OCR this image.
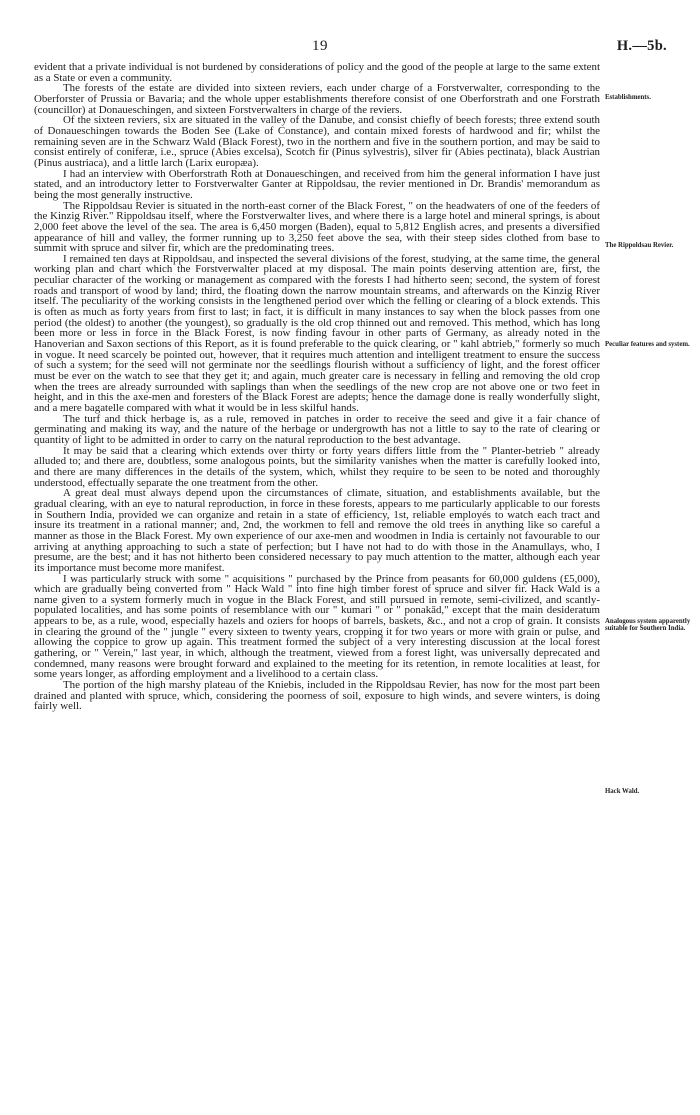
19	H.—5b.

evident that a private individual is not burdened by considerations of policy and the good of the people at large to the same extent as a State or even a community.

The forests of the estate are divided into sixteen reviers, each under charge of a Forstverwalter, corresponding to the Oberforster of Prussia or Bavaria; and the whole upper establishments therefore consist of one Oberforstrath and one Forstrath (councillor) at Donaueschingen, and sixteen Forstverwalters in charge of the reviers.

Of the sixteen reviers, six are situated in the valley of the Danube, and consist chiefly of beech forests; three extend south of Donaueschingen towards the Boden See (Lake of Constance), and contain mixed forests of hardwood and fir; whilst the remaining seven are in the Schwarz Wald (Black Forest), two in the northern and five in the southern portion, and may be said to consist entirely of coniferæ, i.e., spruce (Abies excelsa), Scotch fir (Pinus sylvestris), silver fir (Abies pectinata), black Austrian (Pinus austriaca), and a little larch (Larix europæa).

I had an interview with Oberforstrath Roth at Donaueschingen, and received from him the general information I have just stated, and an introductory letter to Forstverwalter Ganter at Rippoldsau, the revier mentioned in Dr. Brandis' memorandum as being the most generally instructive.

The Rippoldsau Revier is situated in the north-east corner of the Black Forest, " on the headwaters of one of the feeders of the Kinzig River." Rippoldsau itself, where the Forstverwalter lives, and where there is a large hotel and mineral springs, is about 2,000 feet above the level of the sea. The area is 6,450 morgen (Baden), equal to 5,812 English acres, and presents a diversified appearance of hill and valley, the former running up to 3,250 feet above the sea, with their steep sides clothed from base to summit with spruce and silver fir, which are the predominating trees.

I remained ten days at Rippoldsau, and inspected the several divisions of the forest, studying, at the same time, the general working plan and chart which the Forstverwalter placed at my disposal. The main points deserving attention are, first, the peculiar character of the working or management as compared with the forests I had hitherto seen; second, the system of forest roads and transport of wood by land; third, the floating down the narrow mountain streams, and afterwards on the Kinzig River itself. The peculiarity of the working consists in the lengthened period over which the felling or clearing of a block extends. This is often as much as forty years from first to last; in fact, it is difficult in many instances to say when the block passes from one period (the oldest) to another (the youngest), so gradually is the old crop thinned out and removed. This method, which has long been more or less in force in the Black Forest, is now finding favour in other parts of Germany, as already noted in the Hanoverian and Saxon sections of this Report, as it is found preferable to the quick clearing, or " kahl abtrieb," formerly so much in vogue. It need scarcely be pointed out, however, that it requires much attention and intelligent treatment to ensure the success of such a system; for the seed will not germinate nor the seedlings flourish without a sufficiency of light, and the forest officer must be ever on the watch to see that they get it; and again, much greater care is necessary in felling and removing the old crop when the trees are already surrounded with saplings than when the seedlings of the new crop are not above one or two feet in height, and in this the axe-men and foresters of the Black Forest are adepts; hence the damage done is really wonderfully slight, and a mere bagatelle compared with what it would be in less skilful hands.

The turf and thick herbage is, as a rule, removed in patches in order to receive the seed and give it a fair chance of germinating and making its way, and the nature of the herbage or undergrowth has not a little to say to the rate of clearing or quantity of light to be admitted in order to carry on the natural reproduction to the best advantage.

It may be said that a clearing which extends over thirty or forty years differs little from the " Planter-betrieb " already alluded to; and there are, doubtless, some analogous points, but the similarity vanishes when the matter is carefully looked into, and there are many differences in the details of the system, which, whilst they require to be seen to be noted and thoroughly understood, effectually separate the one treatment from the other.

A great deal must always depend upon the circumstances of climate, situation, and establishments available, but the gradual clearing, with an eye to natural reproduction, in force in these forests, appears to me particularly applicable to our forests in Southern India, provided we can organize and retain in a state of efficiency, 1st, reliable employés to watch each tract and insure its treatment in a rational manner; and, 2nd, the workmen to fell and remove the old trees in anything like so careful a manner as those in the Black Forest. My own experience of our axe-men and woodmen in India is certainly not favourable to our arriving at anything approaching to such a state of perfection; but I have not had to do with those in the Anamullays, who, I presume, are the best; and it has not hitherto been considered necessary to pay much attention to the matter, although each year its importance must become more manifest.

I was particularly struck with some " acquisitions " purchased by the Prince from peasants for 60,000 guldens (£5,000), which are gradually being converted from " Hack Wald " into fine high timber forest of spruce and silver fir. Hack Wald is a name given to a system formerly much in vogue in the Black Forest, and still pursued in remote, semi-civilized, and scantly-populated localities, and has some points of resemblance with our " kumari " or " ponakād," except that the main desideratum appears to be, as a rule, wood, especially hazels and oziers for hoops of barrels, baskets, &c., and not a crop of grain. It consists in clearing the ground of the " jungle " every sixteen to twenty years, cropping it for two years or more with grain or pulse, and allowing the coppice to grow up again. This treatment formed the subject of a very interesting discussion at the local forest gathering, or " Verein," last year, in which, although the treatment, viewed from a forest light, was universally deprecated and condemned, many reasons were brought forward and explained to the meeting for its retention, in remote localities at least, for some years longer, as affording employment and a livelihood to a certain class.

The portion of the high marshy plateau of the Kniebis, included in the Rippoldsau Revier, has now for the most part been drained and planted with spruce, which, considering the poorness of soil, exposure to high winds, and severe winters, is doing fairly well.

Establishments.
The Rippoldsau Revier.
Peculiar features and system.
Analogous system apparently suitable for Southern India.
Hack Wald.
